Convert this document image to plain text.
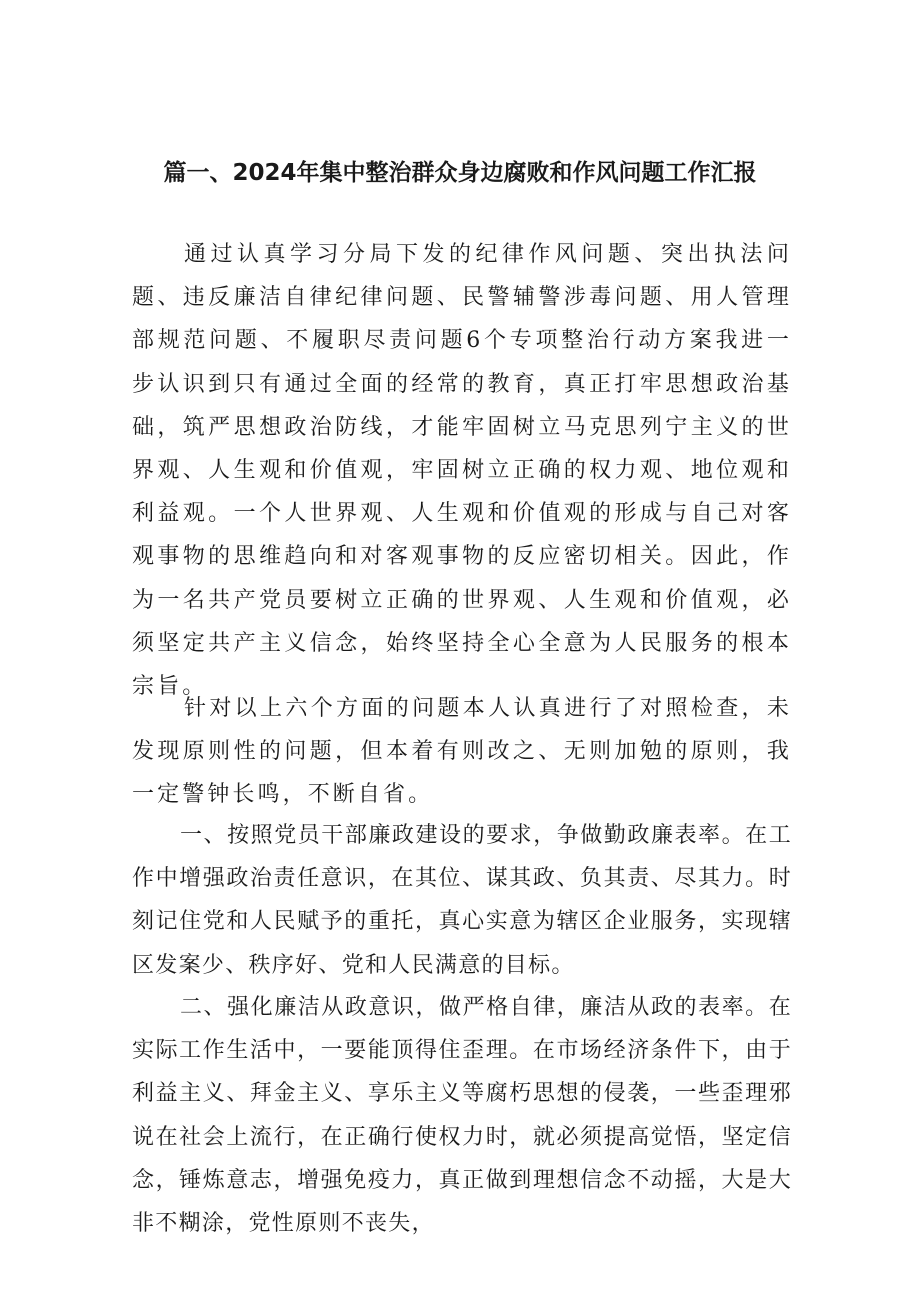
篇一、2024年集中整治群众身边腐败和作风问题工作汇报

通过认真学习分局下发的纪律作风问题、突出执法问题、违反廉洁自律纪律问题、民警辅警涉毒问题、用人管理部规范问题、不履职尽责问题6个专项整治行动方案我进一步认识到只有通过全面的经常的教育，真正打牢思想政治基础，筑严思想政治防线，才能牢固树立马克思列宁主义的世界观、人生观和价值观，牢固树立正确的权力观、地位观和利益观。一个人世界观、人生观和价值观的形成与自己对客观事物的思维趋向和对客观事物的反应密切相关。因此，作为一名共产党员要树立正确的世界观、人生观和价值观，必须坚定共产主义信念，始终坚持全心全意为人民服务的根本宗旨。

针对以上六个方面的问题本人认真进行了对照检查，未发现原则性的问题，但本着有则改之、无则加勉的原则，我一定警钟长鸣，不断自省。

一、按照党员干部廉政建设的要求，争做勤政廉表率。在工作中增强政治责任意识，在其位、谋其政、负其责、尽其力。时刻记住党和人民赋予的重托，真心实意为辖区企业服务，实现辖区发案少、秩序好、党和人民满意的目标。

二、强化廉洁从政意识，做严格自律，廉洁从政的表率。在实际工作生活中，一要能顶得住歪理。在市场经济条件下，由于利益主义、拜金主义、享乐主义等腐朽思想的侵袭，一些歪理邪说在社会上流行，在正确行使权力时，就必须提高觉悟，坚定信念，锤炼意志，增强免疫力，真正做到理想信念不动摇，大是大非不糊涂，党性原则不丧失，
